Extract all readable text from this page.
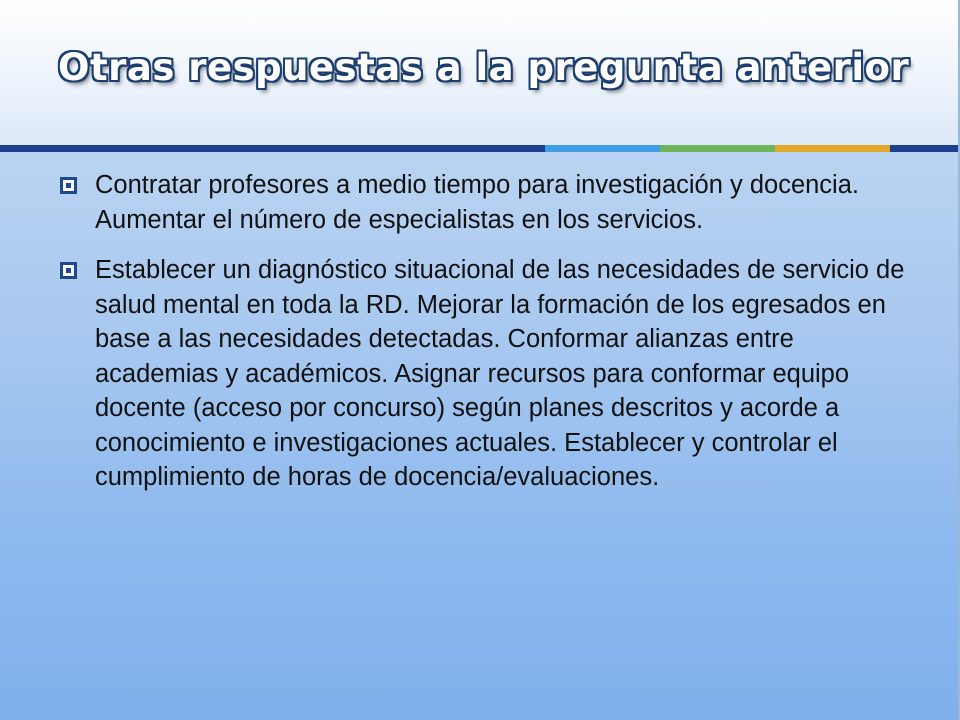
Otras respuestas a la pregunta anterior
Contratar profesores a medio tiempo para investigación y docencia. Aumentar el número de especialistas en los servicios.
Establecer un diagnóstico situacional de las necesidades de servicio de salud mental en toda la RD. Mejorar la formación de los egresados en base a las necesidades detectadas. Conformar alianzas entre academias y académicos. Asignar recursos para conformar equipo docente (acceso por concurso) según planes descritos y acorde a conocimiento e investigaciones actuales. Establecer y controlar el cumplimiento de horas de docencia/evaluaciones.
